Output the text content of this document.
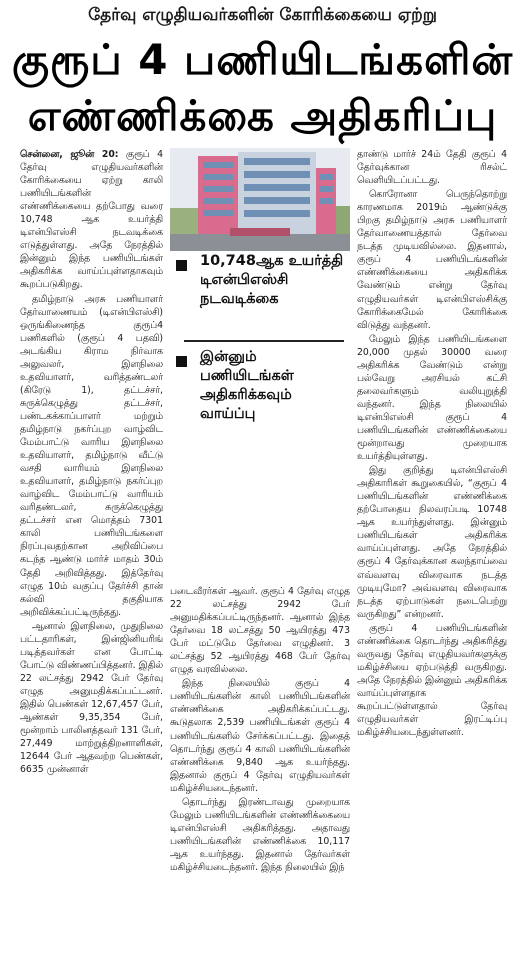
தேர்வு எழுதியவர்களின் கோரிக்கையை ஏற்று
குரூப் 4 பணியிடங்களின்
எண்ணிக்கை அதிகரிப்பு

சென்னை, ஜூன் 20: குரூப் 4 தேர்வு எழுதியவர்களின் கோரிக்கையை ஏற்று காலி பணியிடங்களின் எண்ணிக்கையை தற்போது வரை 10,748 ஆக உயர்த்தி டிஎன்பிஎஸ்சி நடவடிக்கை எடுத்துள்ளது. அதே நேரத்தில் இன்னும் இந்த பணியிடங்கள் அதிகரிக்க வாய்ப்புள்ளதாகவும் கூறப்படுகிறது.

தமிழ்நாடு அரசு பணியாளர் தேர்வாணையம் (டிஎன்பிஎஸ்சி) ஒருங்கிணைந்த குரூப்4 பணிகளில் (குரூப் 4 பதவி) அடங்கிய கிராம நிர்வாக அலுவலர், இளநிலை உதவியாளர், வரித்தண்டலர் (கிரேடு 1), தட்டச்சர், சுருக்கெழுத்து தட்டச்சர், பண்டகக்காப்பாளர் மற்றும் தமிழ்நாடு நகர்ப்புற வாழ்விட மேம்பாட்டு வாரிய இளநிலை உதவியாளர், தமிழ்நாடு வீட்டு வசதி வாரியம் இளநிலை உதவியாளர், தமிழ்நாடு நகர்ப்புற வாழ்விட மேம்பாட்டு வாரியம் வரிதண்டலர், சுருக்கெழுத்து தட்டச்சர் என மொத்தம் 7301 காலி பணியிடங்களை நிரப்புவதற்கான அறிவிப்பை கடந்த ஆண்டு மார்ச் மாதம் 30ம் தேதி அறிவித்தது. இத்தேர்வு எழுத 10ம் வகுப்பு தேர்ச்சி தான் கல்வி தகுதியாக அறிவிக்கப்பட்டிருந்தது.

ஆனால் இளநிலை, முதுநிலை பட்டதாரிகள், இன்ஜினியரிங் படித்தவர்கள் என போட்டி போட்டு விண்ணப்பித்தனர். இதில் 22 லட்சத்து 2942 பேர் தேர்வு எழுத அனுமதிக்கப்பட்டனர். இதில் பெண்கள் 12,67,457 பேர், ஆண்கள் 9,35,354 பேர், மூன்றாம் பாலினத்தவர் 131 பேர், 27,449 மாற்றுத்திறனாளிகள், 12644 பேர் ஆதவற்ற பெண்கள், 6635 முன்னாள்

10,748ஆக உயர்த்தி டிஎன்பிஎஸ்சி நடவடிக்கை
இன்னும் பணியிடங்கள் அதிகரிக்கவும் வாய்ப்பு

படைவீரர்கள் ஆவர். குரூப் 4 தேர்வு எழுத 22 லட்சத்து 2942 பேர் அனுமதிக்கப்பட்டிருந்தனர். ஆனால் இந்த தேர்வை 18 லட்சத்து 50 ஆயிரத்து 473 பேர் மட்டுமே தேர்வை எழுதினர். 3 லட்சத்து 52 ஆயிரத்து 468 பேர் தேர்வு எழுத வரவில்லை.

இந்த நிலையில் குரூப் 4 பணியிடங்களின் காலி பணியிடங்களின் எண்ணிக்கை அதிகரிக்கப்பட்டது. கூடுதலாக 2,539 பணியிடங்கள் குரூப் 4 பணியிடங்களில் சேர்க்கப்பட்டது. இதைத் தொடர்ந்து குரூப் 4 காலி பணியிடங்களின் எண்ணிக்கை 9,840 ஆக உயர்ந்தது. இதனால் குரூப் 4 தேர்வு எழுதியவர்கள் மகிழ்ச்சியடைந்தனர்.

தொடர்ந்து இரண்டாவது முறையாக மேலும் பணியிடங்களின் எண்ணிக்கையை டிஎன்பிஎஸ்சி அதிகரித்தது. அதாவது பணியிடங்களின் எண்ணிக்கை 10,117 ஆக உயர்ந்தது. இதனால் தேர்வர்கள் மகிழ்ச்சியடைந்தனர். இந்த நிலையில் இந்

தாண்டு மார்ச் 24ம் தேதி குரூப் 4 தேர்வுக்கான ரிசல்ட் வெளியிடப்பட்டது.

கொரோனா பெருந்தொற்று காரணமாக 2019ம் ஆண்டுக்கு பிறகு தமிழ்நாடு அரசு பணியாளர் தேர்வாணையத்தால் தேர்வை நடத்த முடியவில்லை. இதனால், குரூப் 4 பணியிடங்களின் எண்ணிக்கையை அதிகரிக்க வேண்டும் என்று தேர்வு எழுதியவர்கள் டிஎன்பிஎஸ்சிக்கு கோரிக்கைமேல் கோரிக்கை விடுத்து வந்தனர்.

மேலும் இந்த பணியிடங்களை 20,000 முதல் 30000 வரை அதிகரிக்க வேண்டும் என்று பல்வேறு அரசியல் கட்சி தலைவர்களும் வலியுறுத்தி வந்தனர். இந்த நிலையில் டிஎன்பிஎஸ்சி குரூப் 4 பணியிடங்களின் எண்ணிக்கையை மூன்றாவது முறையாக உயர்த்தியுள்ளது.

இது குறித்து டிஎன்பிஎஸ்சி அதிகாரிகள் கூறுகையில், “குரூப் 4 பணியிடங்களின் எண்ணிக்கை தற்போதைய நிலவரப்படி 10748 ஆக உயர்ந்துள்ளது. இன்னும் பணியிடங்கள் அதிகரிக்க வாய்ப்புள்ளது. அதே நேரத்தில் குரூப் 4 தேர்வுக்கான கலந்தாய்வை எவ்வளவு விரைவாக நடத்த முடியுமோ? அவ்வளவு விரைவாக நடத்த ஏற்பாடுகள் நடைபெற்று வருகிறது” என்றனர்.

குரூப் 4 பணியிடங்களின் எண்ணிக்கை தொடர்ந்து அதிகரித்து வருவது தேர்வு எழுதியவர்களுக்கு மகிழ்ச்சியை ஏற்படுத்தி வருகிறது. அதே நேரத்தில் இன்னும் அதிகரிக்க வாய்ப்புள்ளதாக கூறப்பட்டுள்ளதால் தேர்வு எழுதியவர்கள் இரட்டிப்பு மகிழ்ச்சியடைந்துள்ளனர்.
